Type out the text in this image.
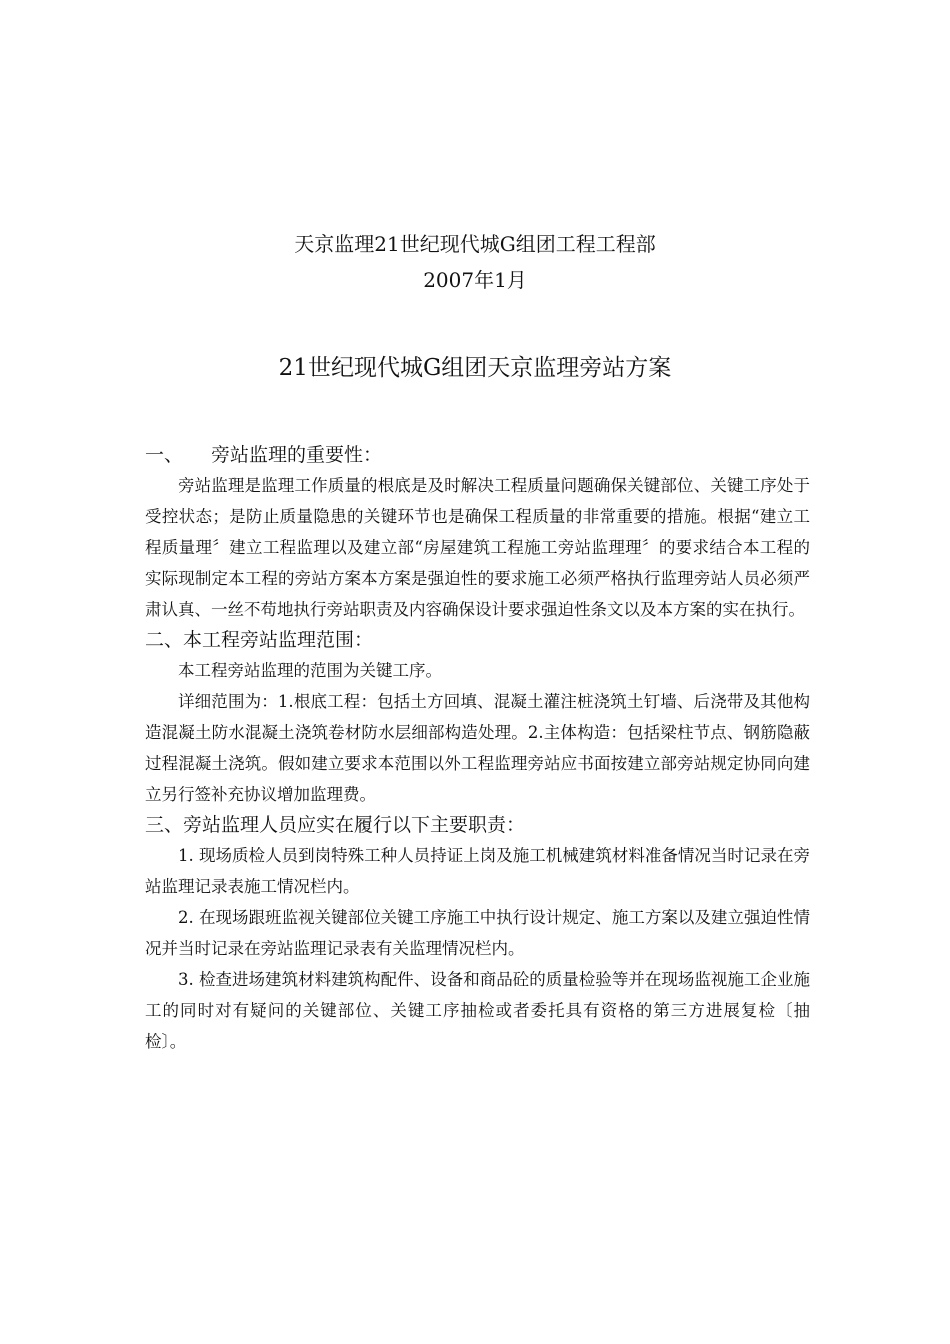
天京监理21世纪现代城G组团工程工程部
2007年1月
21世纪现代城G组团天京监理旁站方案
一、 旁站监理的重要性：

旁站监理是监理工作质量的根底是及时解决工程质量问题确保关键部位、关键工序处于受控状态；是防止质量隐患的关键环节也是确保工程质量的非常重要的措施。根据“建立工程质量理〞建立工程监理以及建立部“房屋建筑工程施工旁站监理理〞的要求结合本工程的实际现制定本工程的旁站方案本方案是强迫性的要求施工必须严格执行监理旁站人员必须严肃认真、一丝不苟地执行旁站职责及内容确保设计要求强迫性条文以及本方案的实在执行。

二、本工程旁站监理范围：

本工程旁站监理的范围为关键工序。

详细范围为：1.根底工程：包括土方回填、混凝土灌注桩浇筑土钉墙、后浇带及其他构造混凝土防水混凝土浇筑卷材防水层细部构造处理。2.主体构造：包括梁柱节点、钢筋隐蔽过程混凝土浇筑。假如建立要求本范围以外工程监理旁站应书面按建立部旁站规定协同向建立另行签补充协议增加监理费。

三、旁站监理人员应实在履行以下主要职责：

1. 现场质检人员到岗特殊工种人员持证上岗及施工机械建筑材料准备情况当时记录在旁站监理记录表施工情况栏内。

2. 在现场跟班监视关键部位关键工序施工中执行设计规定、施工方案以及建立强迫性情况并当时记录在旁站监理记录表有关监理情况栏内。

3. 检查进场建筑材料建筑构配件、设备和商品砼的质量检验等并在现场监视施工企业施工的同时对有疑问的关键部位、关键工序抽检或者委托具有资格的第三方进展复检〔抽检〕。
